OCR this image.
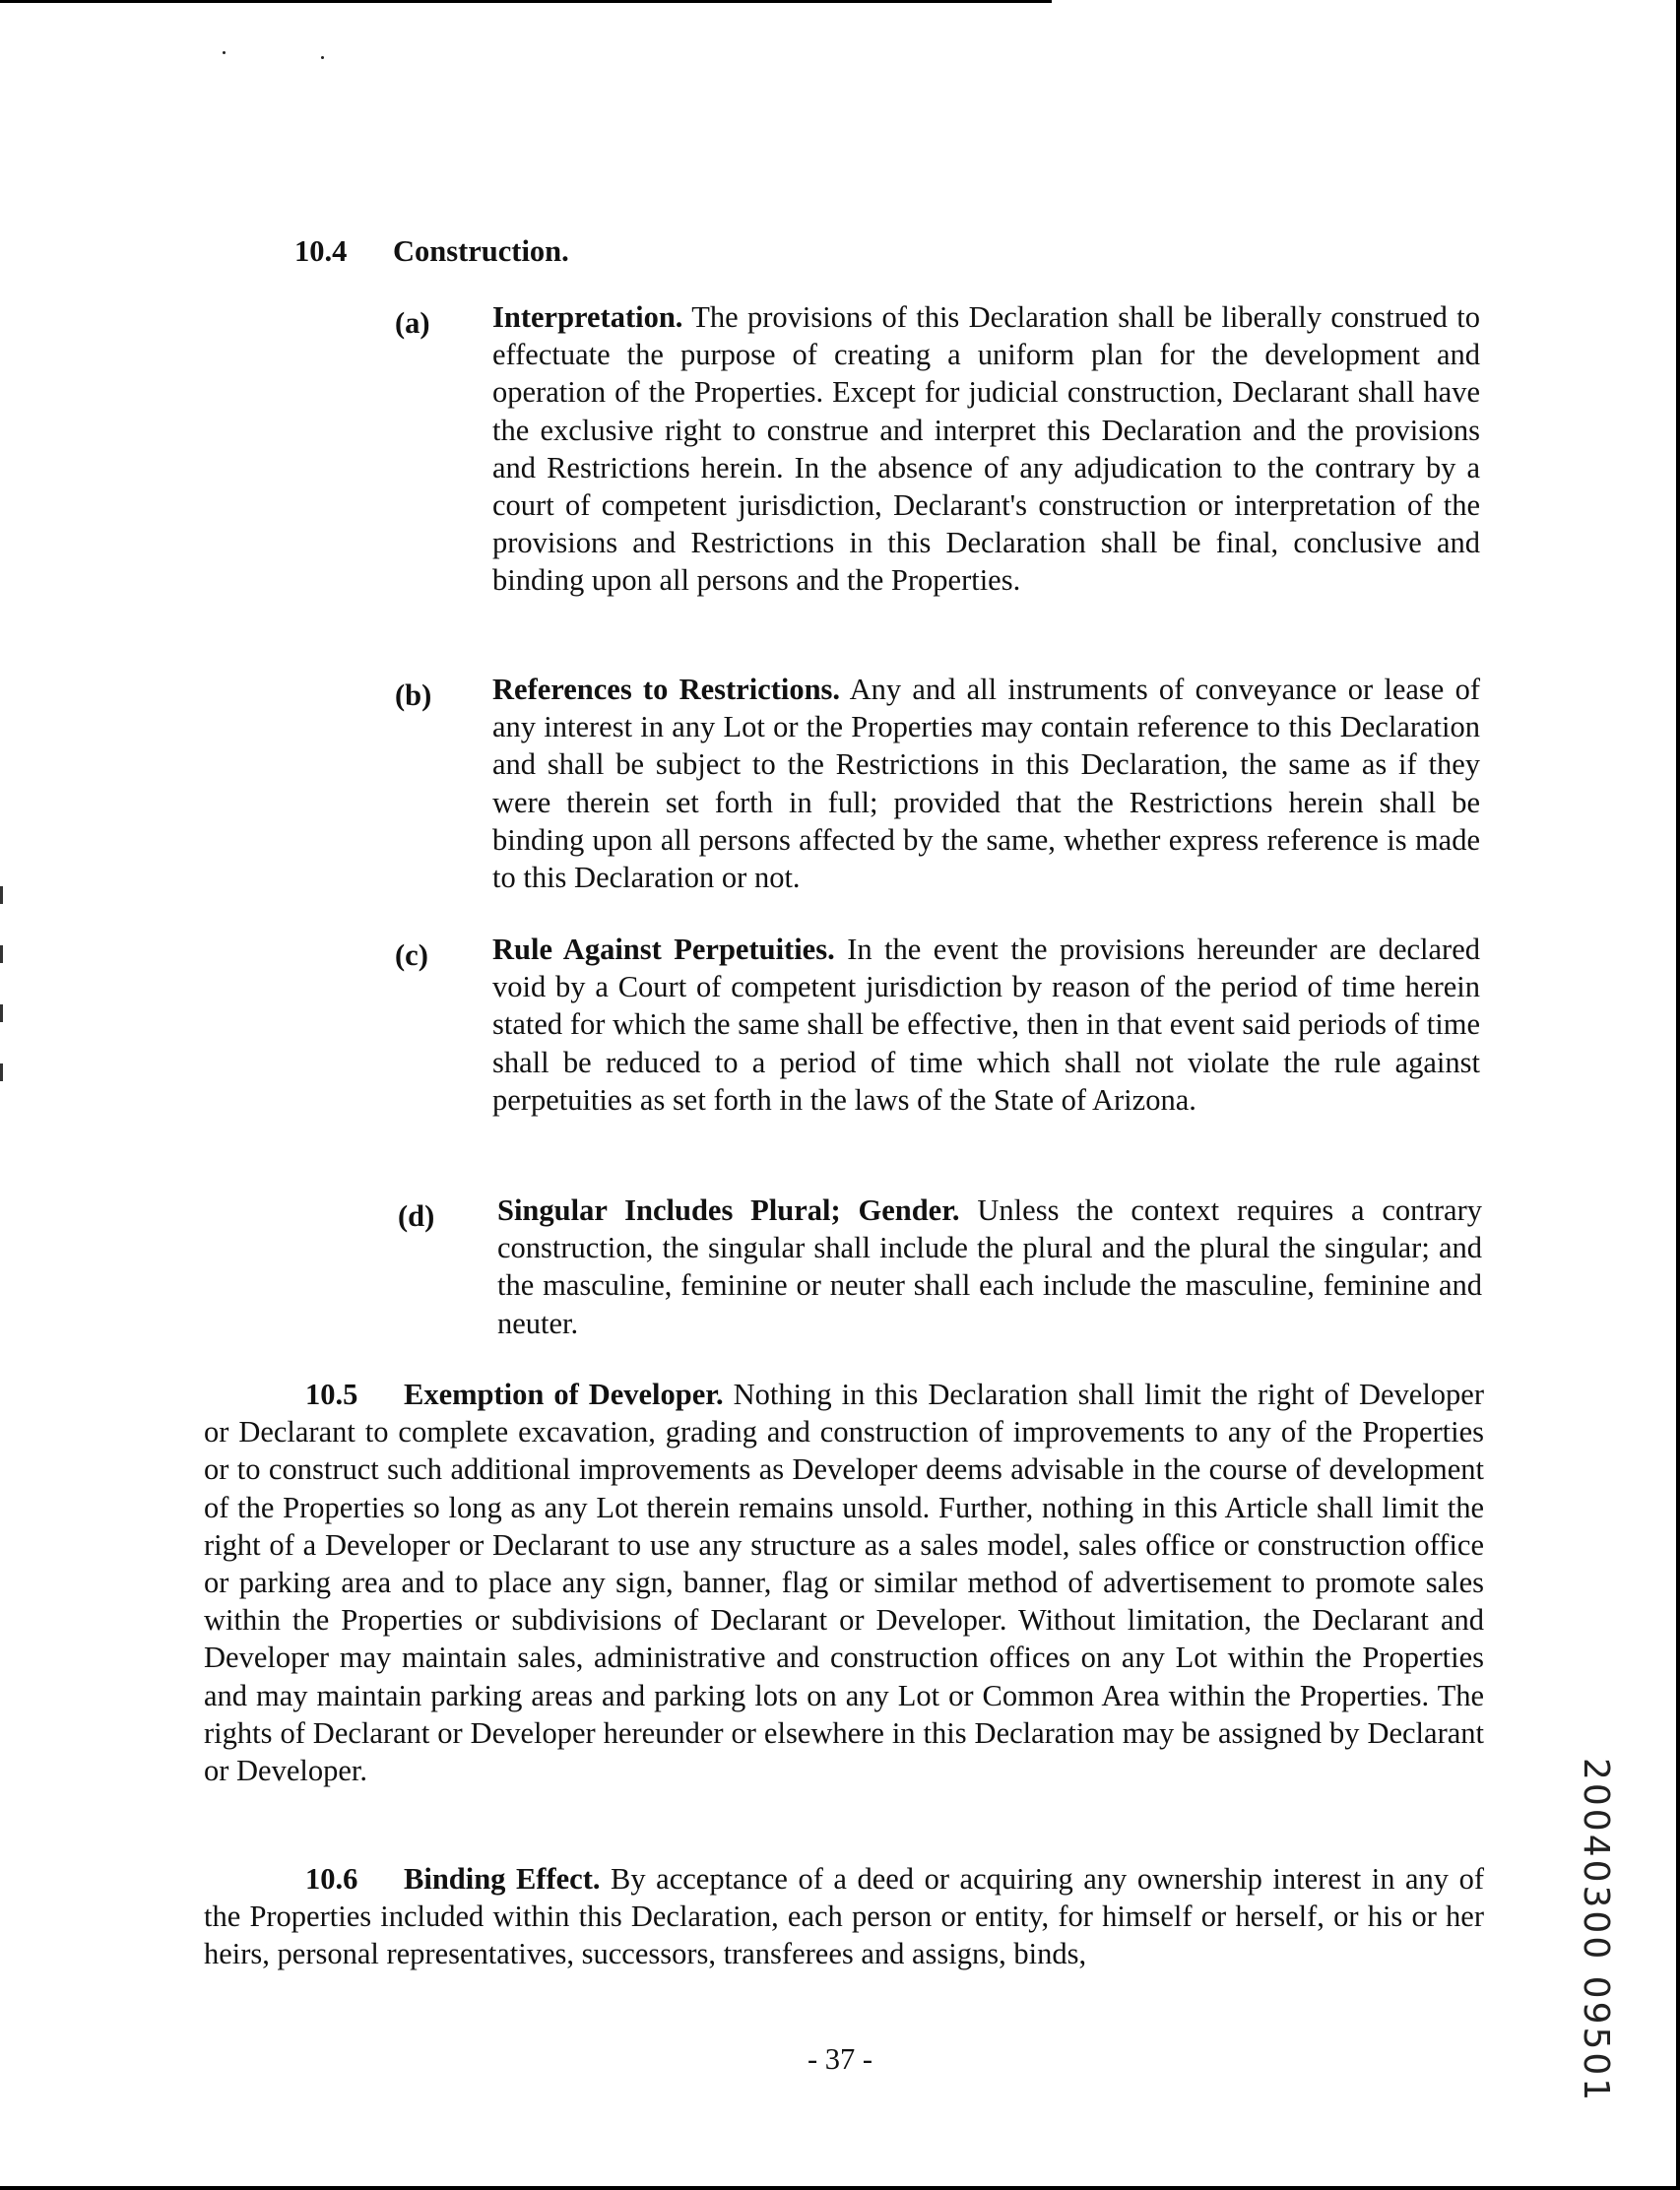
10.4 Construction.
(a) Interpretation. The provisions of this Declaration shall be liberally construed to effectuate the purpose of creating a uniform plan for the development and operation of the Properties. Except for judicial construction, Declarant shall have the exclusive right to construe and interpret this Declaration and the provisions and Restrictions herein. In the absence of any adjudication to the contrary by a court of competent jurisdiction, Declarant's construction or interpretation of the provisions and Restrictions in this Declaration shall be final, conclusive and binding upon all persons and the Properties.
(b) References to Restrictions. Any and all instruments of conveyance or lease of any interest in any Lot or the Properties may contain reference to this Declaration and shall be subject to the Restrictions in this Declaration, the same as if they were therein set forth in full; provided that the Restrictions herein shall be binding upon all persons affected by the same, whether express reference is made to this Declaration or not.
(c) Rule Against Perpetuities. In the event the provisions hereunder are declared void by a Court of competent jurisdiction by reason of the period of time herein stated for which the same shall be effective, then in that event said periods of time shall be reduced to a period of time which shall not violate the rule against perpetuities as set forth in the laws of the State of Arizona.
(d) Singular Includes Plural; Gender. Unless the context requires a contrary construction, the singular shall include the plural and the plural the singular; and the masculine, feminine or neuter shall each include the masculine, feminine and neuter.
10.5 Exemption of Developer. Nothing in this Declaration shall limit the right of Developer or Declarant to complete excavation, grading and construction of improvements to any of the Properties or to construct such additional improvements as Developer deems advisable in the course of development of the Properties so long as any Lot therein remains unsold. Further, nothing in this Article shall limit the right of a Developer or Declarant to use any structure as a sales model, sales office or construction office or parking area and to place any sign, banner, flag or similar method of advertisement to promote sales within the Properties or subdivisions of Declarant or Developer. Without limitation, the Declarant and Developer may maintain sales, administrative and construction offices on any Lot within the Properties and may maintain parking areas and parking lots on any Lot or Common Area within the Properties. The rights of Declarant or Developer hereunder or elsewhere in this Declaration may be assigned by Declarant or Developer.
10.6 Binding Effect. By acceptance of a deed or acquiring any ownership interest in any of the Properties included within this Declaration, each person or entity, for himself or herself, or his or her heirs, personal representatives, successors, transferees and assigns, binds,
- 37 -	20040300 09501
